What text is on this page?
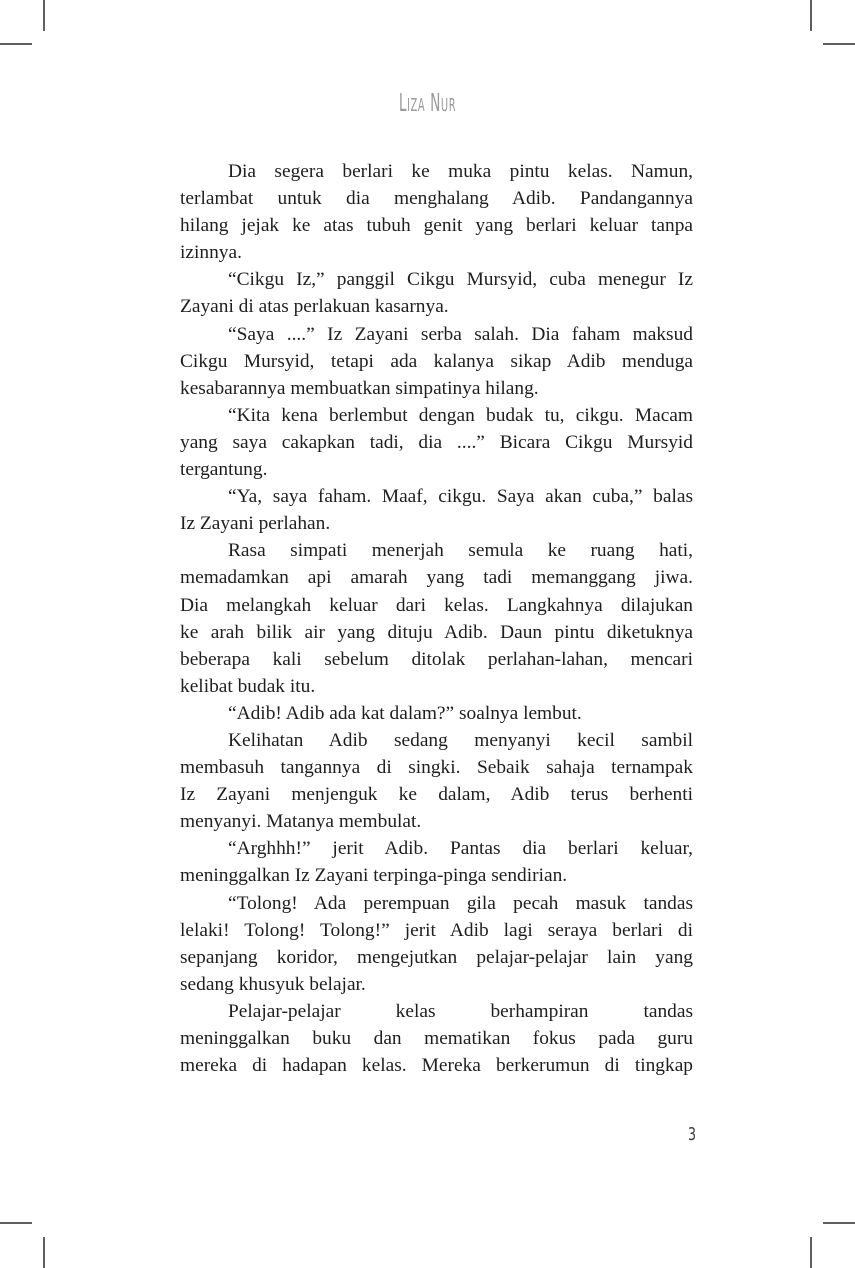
Liza Nur
Dia segera berlari ke muka pintu kelas. Namun,
terlambat untuk dia menghalang Adib. Pandangannya
hilang jejak ke atas tubuh genit yang berlari keluar tanpa
izinnya.
“Cikgu Iz,” panggil Cikgu Mursyid, cuba menegur Iz
Zayani di atas perlakuan kasarnya.
“Saya ....” Iz Zayani serba salah. Dia faham maksud
Cikgu Mursyid, tetapi ada kalanya sikap Adib menduga
kesabarannya membuatkan simpatinya hilang.
“Kita kena berlembut dengan budak tu, cikgu. Macam
yang saya cakapkan tadi, dia ....” Bicara Cikgu Mursyid
tergantung.
“Ya, saya faham. Maaf, cikgu. Saya akan cuba,” balas
Iz Zayani perlahan.
Rasa simpati menerjah semula ke ruang hati,
memadamkan api amarah yang tadi memanggang jiwa.
Dia melangkah keluar dari kelas. Langkahnya dilajukan
ke arah bilik air yang dituju Adib. Daun pintu diketuknya
beberapa kali sebelum ditolak perlahan-lahan, mencari
kelibat budak itu.
“Adib! Adib ada kat dalam?” soalnya lembut.
Kelihatan Adib sedang menyanyi kecil sambil
membasuh tangannya di singki. Sebaik sahaja ternampak
Iz Zayani menjenguk ke dalam, Adib terus berhenti
menyanyi. Matanya membulat.
“Arghhh!” jerit Adib. Pantas dia berlari keluar,
meninggalkan Iz Zayani terpinga-pinga sendirian.
“Tolong! Ada perempuan gila pecah masuk tandas
lelaki! Tolong! Tolong!” jerit Adib lagi seraya berlari di
sepanjang koridor, mengejutkan pelajar-pelajar lain yang
sedang khusyuk belajar.
Pelajar-pelajar kelas berhampiran tandas
meninggalkan buku dan mematikan fokus pada guru
mereka di hadapan kelas. Mereka berkerumun di tingkap
3
